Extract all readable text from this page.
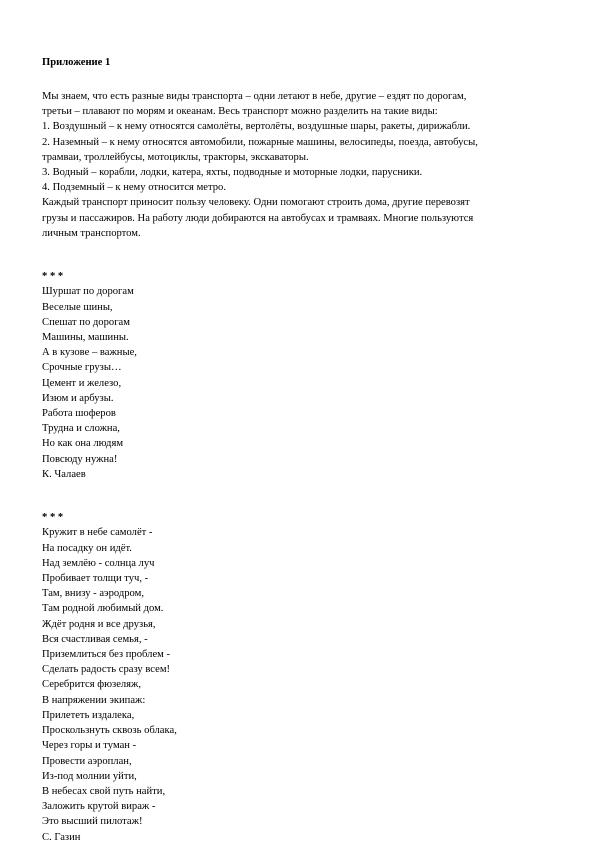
Приложение 1

Мы знаем, что есть разные виды транспорта – одни летают в небе, другие – ездят по дорогам,

третьи – плавают по морям и океанам. Весь транспорт можно разделить на такие виды:

1. Воздушный – к нему относятся самолёты, вертолёты, воздушные шары, ракеты, дирижабли.

2. Наземный – к нему относятся автомобили, пожарные машины, велосипеды, поезда, автобусы,

трамваи, троллейбусы, мотоциклы, тракторы, экскаваторы.

3. Водный – корабли, лодки, катера, яхты, подводные и моторные лодки, парусники.

4. Подземный – к нему относится метро.

Каждый транспорт приносит пользу человеку. Одни помогают строить дома, другие перевозят

грузы и пассажиров. На работу люди добираются на автобусах и трамваях. Многие пользуются

личным транспортом.

* * *

Шуршат по дорогам

Веселые шины,

Спешат по дорогам

Машины, машины.

А в кузове – важные,

Срочные грузы…

Цемент и железо,

Изюм и арбузы.

Работа шоферов

Трудна и сложна,

Но как она людям

Повсюду нужна!

К. Чалаев

* * *

Кружит в небе самолёт -

На посадку он идёт.

Над землёю - солнца луч

Пробивает толщи туч, -

Там, внизу - аэродром,

Там родной любимый дом.

Ждёт родня и все друзья,

Вся счастливая семья, -

Приземлиться без проблем -

Сделать радость сразу всем!

Серебрится фюзеляж,

В напряжении экипаж:

Прилететь издалека,

Проскользнуть сквозь облака,

Через горы и туман -

Провести аэроплан,

Из-под молнии уйти,

В небесах свой путь найти,

Заложить крутой вираж -

Это высший пилотаж!

С. Газин
